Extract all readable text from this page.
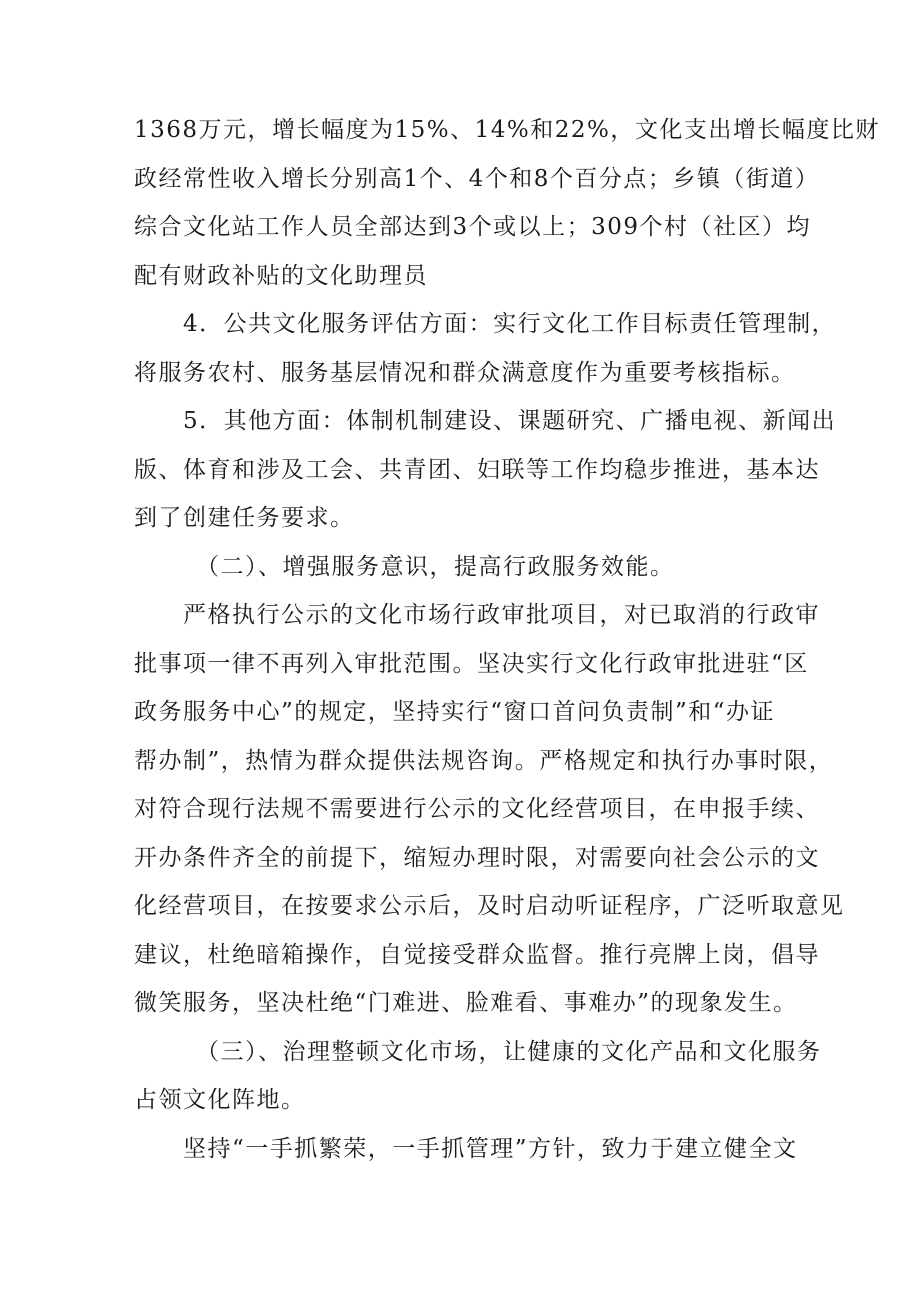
1368万元，增长幅度为15%、14%和22%，文化支出增长幅度比财
政经常性收入增长分别高1个、4个和8个百分点；乡镇（街道）
综合文化站工作人员全部达到3个或以上；309个村（社区）均
配有财政补贴的文化助理员
　　4．公共文化服务评估方面：实行文化工作目标责任管理制，
将服务农村、服务基层情况和群众满意度作为重要考核指标。
　　5．其他方面：体制机制建设、课题研究、广播电视、新闻出
版、体育和涉及工会、共青团、妇联等工作均稳步推进，基本达
到了创建任务要求。
　　　（二）、增强服务意识，提高行政服务效能。
　　严格执行公示的文化市场行政审批项目，对已取消的行政审
批事项一律不再列入审批范围。坚决实行文化行政审批进驻“区
政务服务中心”的规定，坚持实行“窗口首问负责制”和“办证
帮办制”，热情为群众提供法规咨询。严格规定和执行办事时限，
对符合现行法规不需要进行公示的文化经营项目，在申报手续、
开办条件齐全的前提下，缩短办理时限，对需要向社会公示的文
化经营项目，在按要求公示后，及时启动听证程序，广泛听取意见
建议，杜绝暗箱操作，自觉接受群众监督。推行亮牌上岗，倡导
微笑服务，坚决杜绝“门难进、脸难看、事难办”的现象发生。
　　　（三）、治理整顿文化市场，让健康的文化产品和文化服务
占领文化阵地。
　　坚持“一手抓繁荣，一手抓管理”方针，致力于建立健全文
